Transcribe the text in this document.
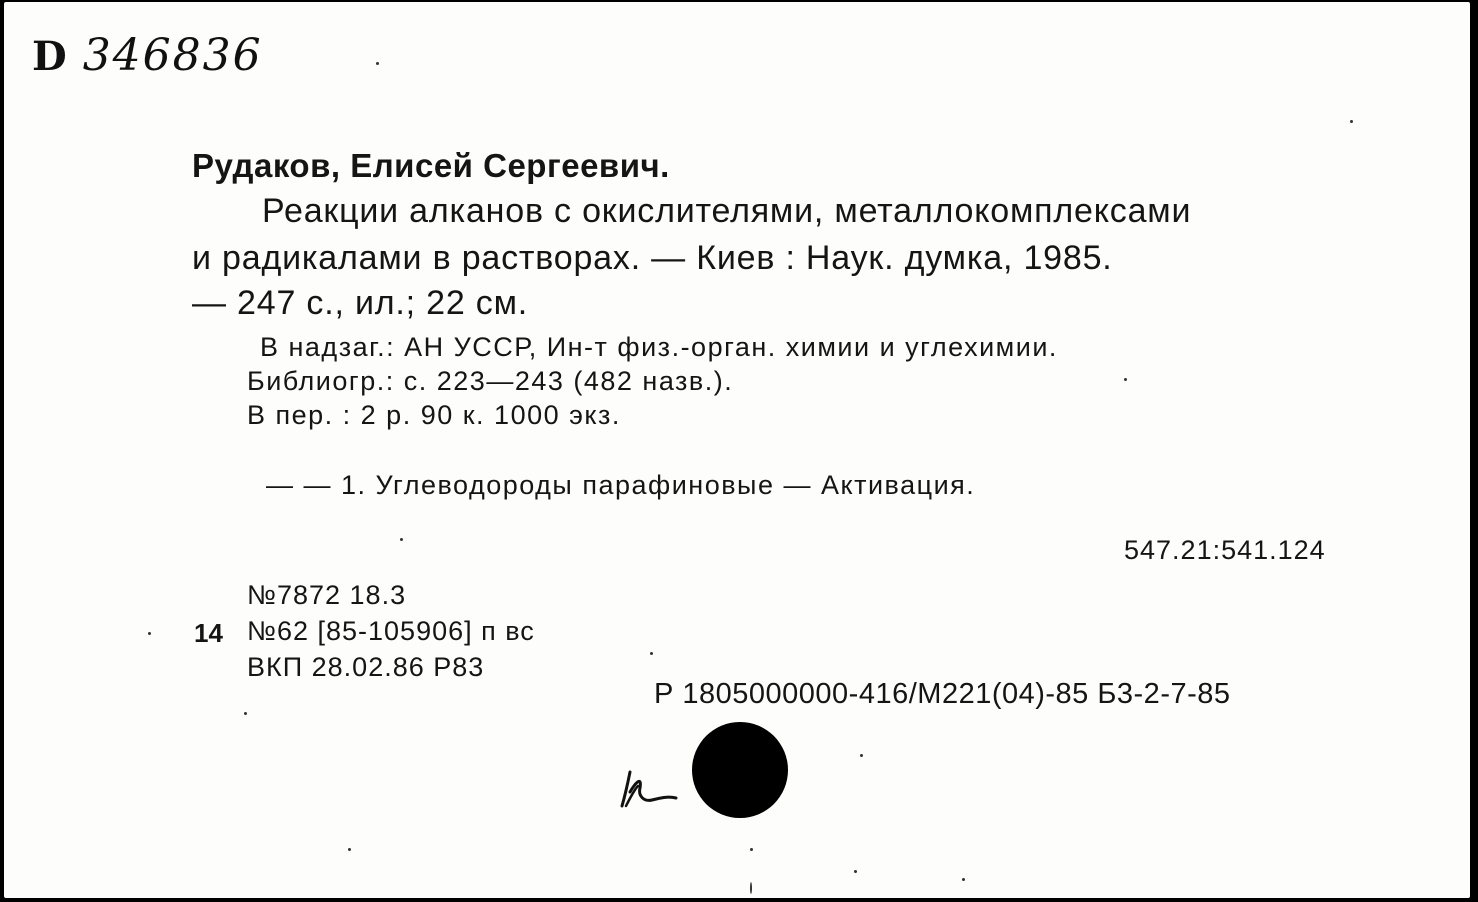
D 346836
Рудаков, Елисей Сергеевич.
Реакции алканов с окислителями, металлокомплексами
и радикалами в растворах. — Киев : Наук. думка, 1985.
— 247 с., ил.; 22 см.
В надзаг.: АН УССР, Ин-т физ.-орган. химии и углехимии.
Библиогр.: с. 223—243 (482 назв.).
В пер. : 2 р. 90 к. 1000 экз.
— — 1. Углеводороды парафиновые — Активация.
547.21:541.124
№7872 18.3
14 №62 [85-105906] п вс
ВКП 28.02.86 Р83
Р 1805000000-416/М221(04)-85 Б3-2-7-85
